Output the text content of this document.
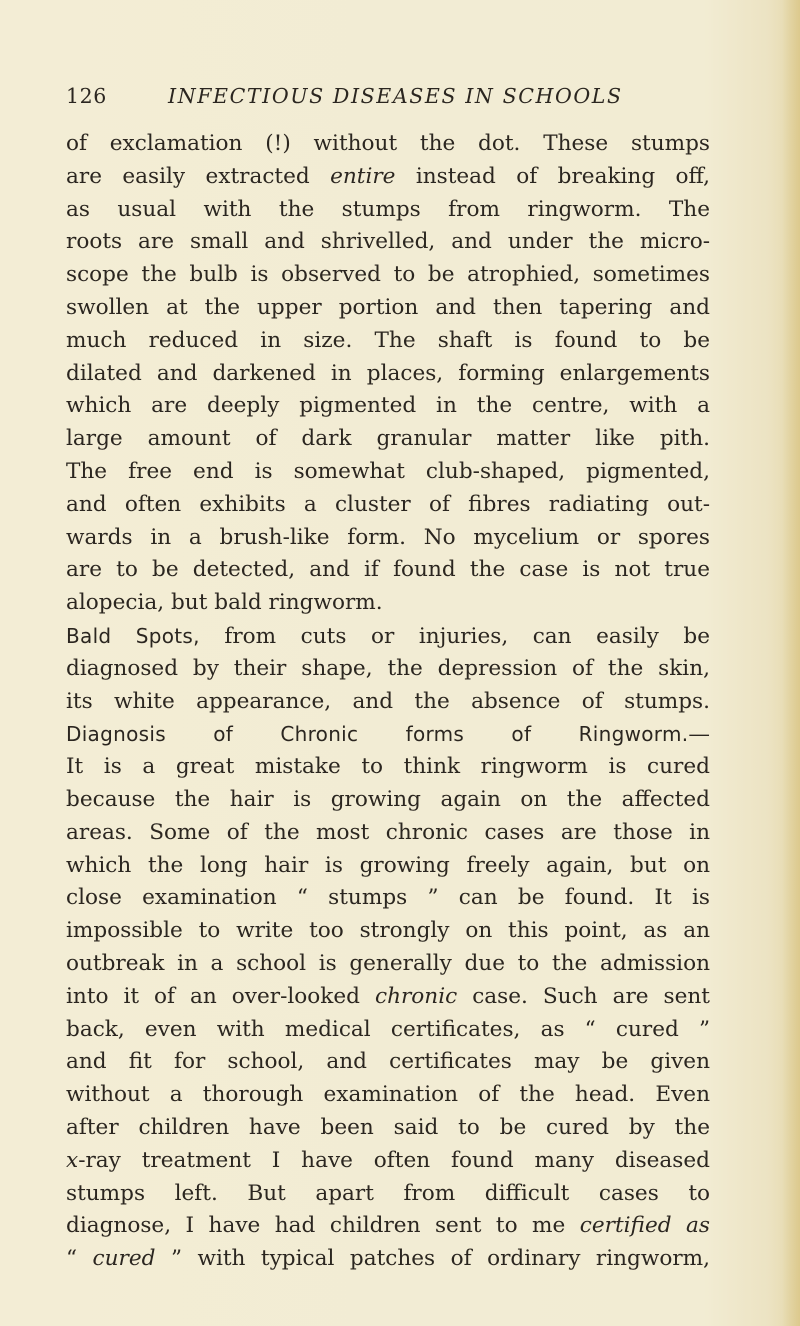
126	INFECTIOUS DISEASES IN SCHOOLS
of exclamation (!) without the dot. These stumps
are easily extracted entire instead of breaking off,
as usual with the stumps from ringworm. The
roots are small and shrivelled, and under the micro-
scope the bulb is observed to be atrophied, sometimes
swollen at the upper portion and then tapering and
much reduced in size. The shaft is found to be
dilated and darkened in places, forming enlargements
which are deeply pigmented in the centre, with a
large amount of dark granular matter like pith.
The free end is somewhat club-shaped, pigmented,
and often exhibits a cluster of fibres radiating out-
wards in a brush-like form. No mycelium or spores
are to be detected, and if found the case is not true
alopecia, but bald ringworm.
Bald Spots, from cuts or injuries, can easily be
diagnosed by their shape, the depression of the skin,
its white appearance, and the absence of stumps.
Diagnosis of Chronic forms of Ringworm.—
It is a great mistake to think ringworm is cured
because the hair is growing again on the affected
areas. Some of the most chronic cases are those in
which the long hair is growing freely again, but on
close examination “ stumps ” can be found. It is
impossible to write too strongly on this point, as an
outbreak in a school is generally due to the admission
into it of an over-looked chronic case. Such are sent
back, even with medical certificates, as “ cured ”
and fit for school, and certificates may be given
without a thorough examination of the head. Even
after children have been said to be cured by the
x-ray treatment I have often found many diseased
stumps left. But apart from difficult cases to
diagnose, I have had children sent to me certified as
“ cured ” with typical patches of ordinary ringworm,
